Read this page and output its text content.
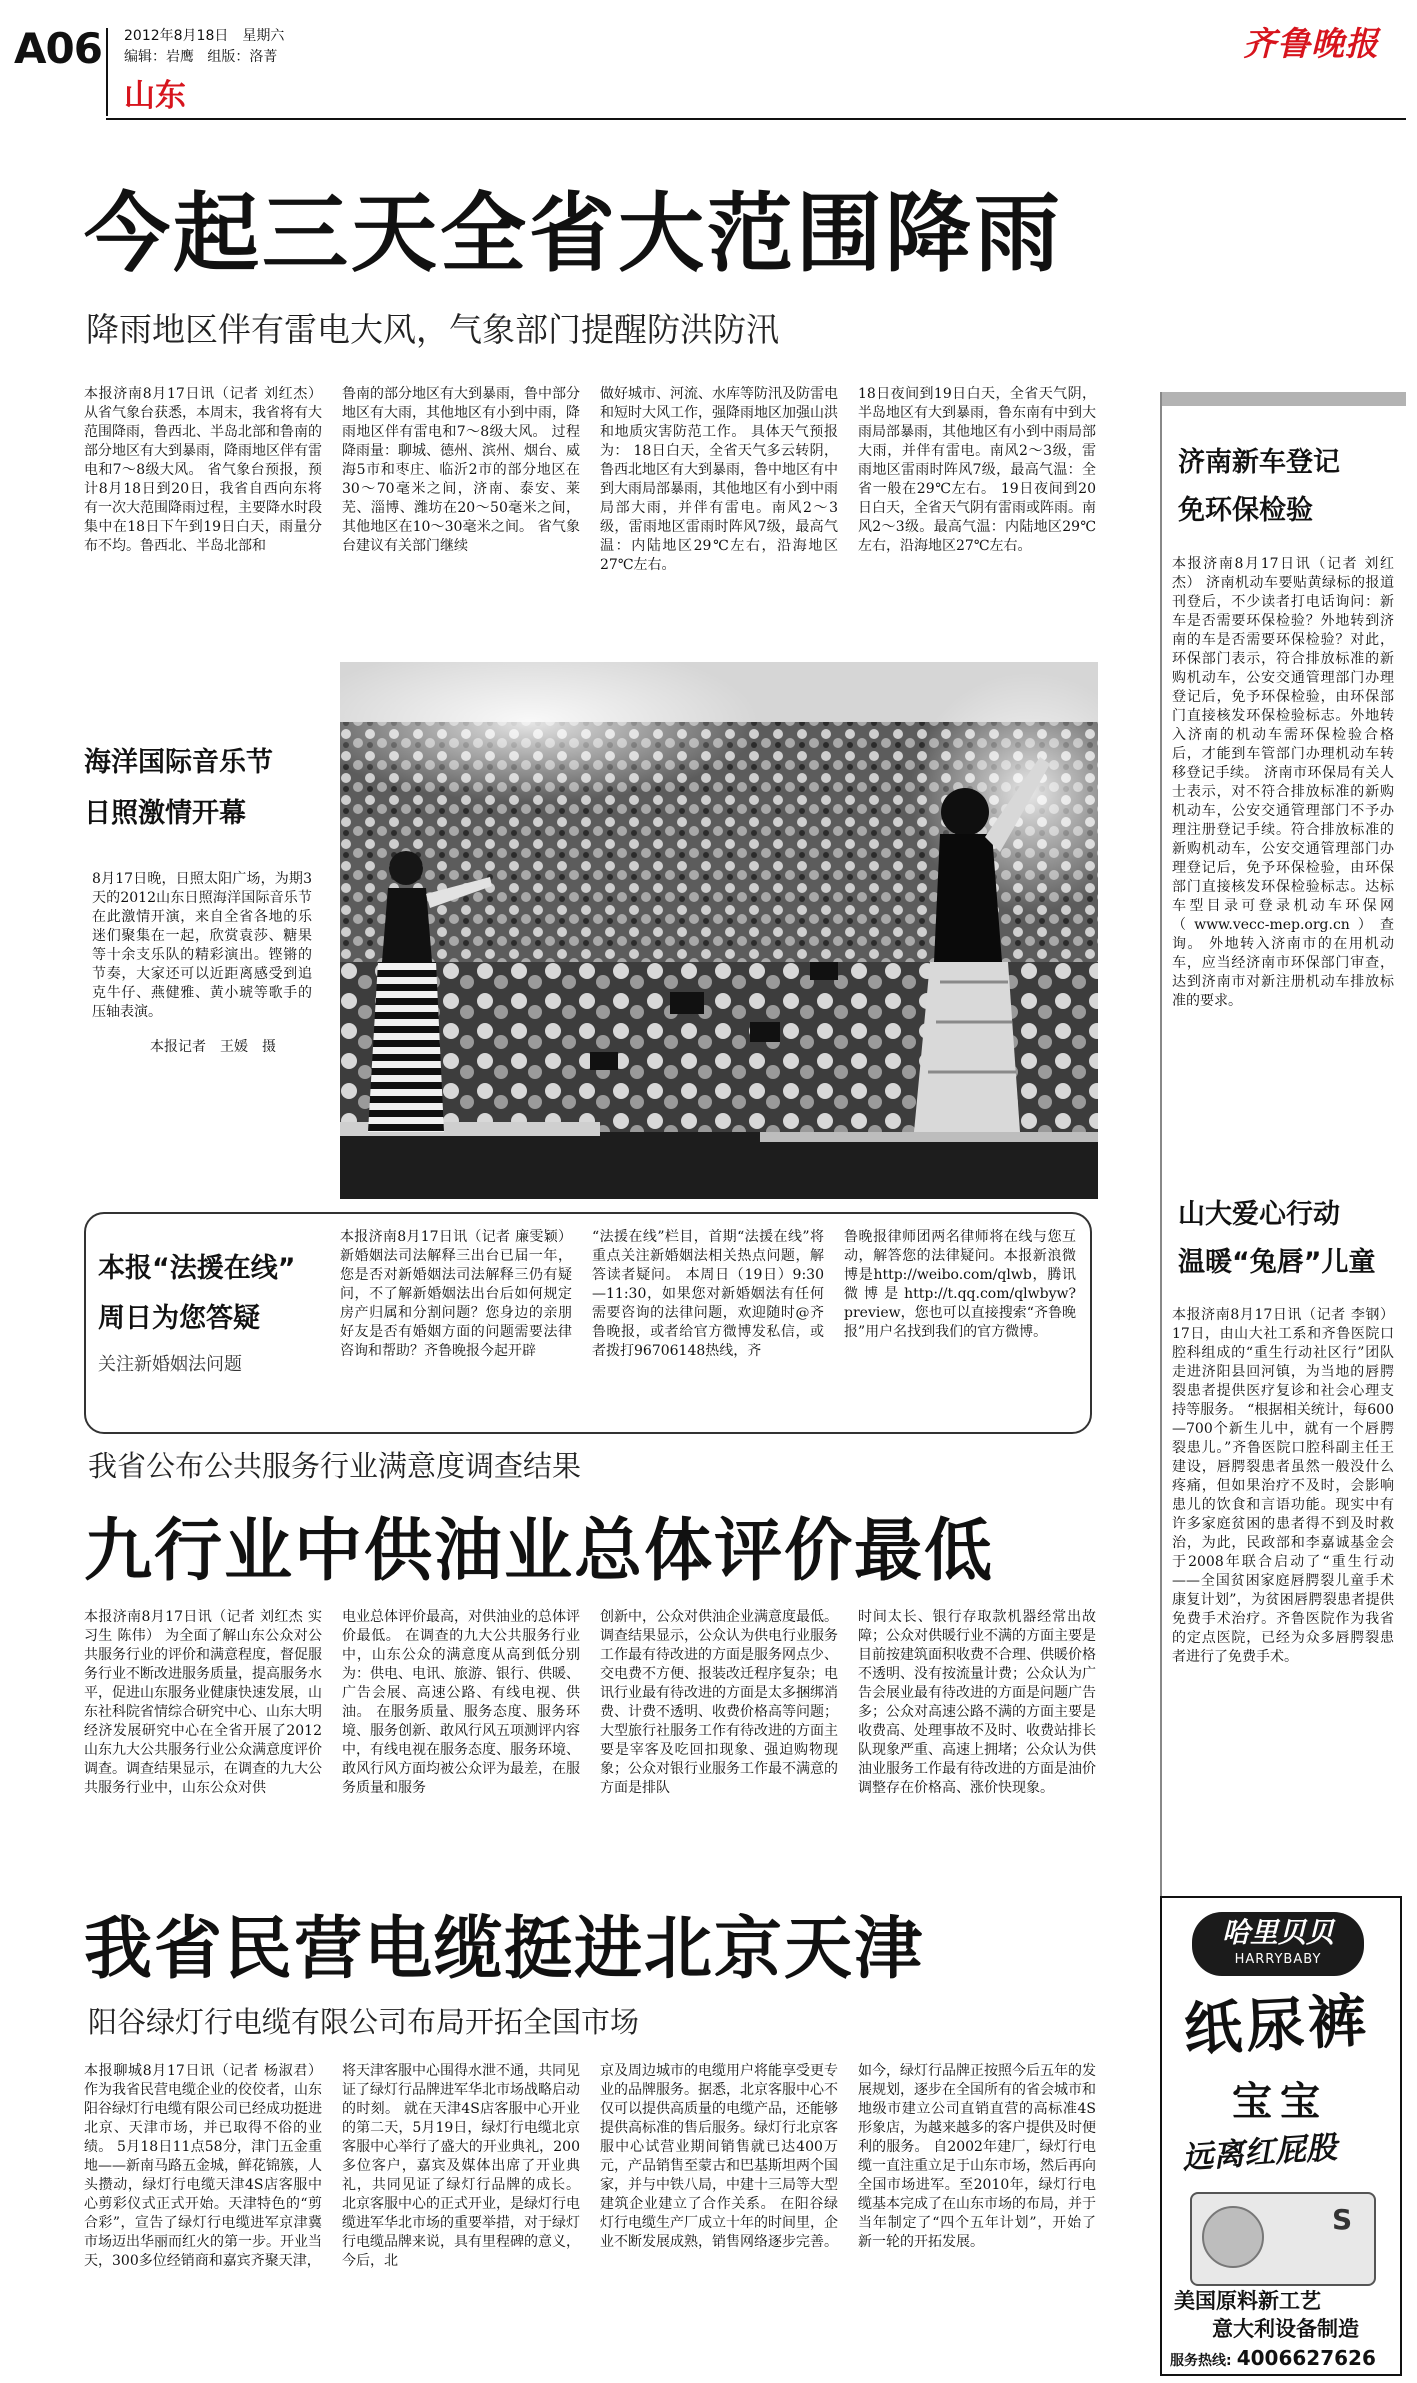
A06 2012年8月18日 星期六
编辑：岩鹰   组版：洛菁
山东
齐鲁晚报
今起三天全省大范围降雨
降雨地区伴有雷电大风，气象部门提醒防洪防汛
本报济南8月17日讯（记者 刘红杰） 从省气象台获悉，本周末，我省将有大范围降雨，鲁西北、半岛北部和鲁南的部分地区有大到暴雨，降雨地区伴有雷电和7～8级大风。 省气象台预报，预计8月18日到20日，我省自西向东将有一次大范围降雨过程，主要降水时段集中在18日下午到19日白天，雨量分布不均。鲁西北、半岛北部和
鲁南的部分地区有大到暴雨，鲁中部分地区有大雨，其他地区有小到中雨，降雨地区伴有雷电和7～8级大风。 过程降雨量：聊城、德州、滨州、烟台、威海5市和枣庄、临沂2市的部分地区在30～70毫米之间，济南、泰安、莱芜、淄博、潍坊在20～50毫米之间，其他地区在10～30毫米之间。 省气象台建议有关部门继续
做好城市、河流、水库等防汛及防雷电和短时大风工作，强降雨地区加强山洪和地质灾害防范工作。 具体天气预报为： 18日白天，全省天气多云转阴，鲁西北地区有大到暴雨，鲁中地区有中到大雨局部暴雨，其他地区有小到中雨局部大雨，并伴有雷电。南风2～3级，雷雨地区雷雨时阵风7级，最高气温：内陆地区29℃左右，沿海地区27℃左右。
18日夜间到19日白天，全省天气阴，半岛地区有大到暴雨，鲁东南有中到大雨局部暴雨，其他地区有小到中雨局部大雨，并伴有雷电。南风2～3级，雷雨地区雷雨时阵风7级，最高气温：全省一般在29℃左右。 19日夜间到20日白天，全省天气阴有雷雨或阵雨。南风2～3级。最高气温：内陆地区29℃左右，沿海地区27℃左右。
海洋国际音乐节
日照激情开幕
8月17日晚，日照太阳广场，为期3天的2012山东日照海洋国际音乐节在此激情开演，来自全省各地的乐迷们聚集在一起，欣赏袁莎、糖果等十余支乐队的精彩演出。铿锵的节奏，大家还可以近距离感受到追克牛仔、燕健雅、黄小琥等歌手的压轴表演。
本报记者　王媛　摄
本报“法援在线”
周日为您答疑
关注新婚姻法问题
本报济南8月17日讯（记者 廉雯颖） 新婚姻法司法解释三出台已届一年，您是否对新婚姻法司法解释三仍有疑问，不了解新婚姻法出台后如何规定房产归属和分割问题？您身边的亲朋好友是否有婚姻方面的问题需要法律咨询和帮助？齐鲁晚报今起开辟
“法援在线”栏目，首期“法援在线”将重点关注新婚姻法相关热点问题，解答读者疑问。 本周日（19日）9:30—11:30，如果您对新婚姻法有任何需要咨询的法律问题，欢迎随时@齐鲁晚报，或者给官方微博发私信，或者拨打96706148热线，齐
鲁晚报律师团两名律师将在线与您互动，解答您的法律疑问。本报新浪微博是http://weibo.com/qlwb，腾讯微博是http://t.qq.com/qlwbyw?preview，您也可以直接搜索“齐鲁晚报”用户名找到我们的官方微博。
我省公布公共服务行业满意度调查结果
九行业中供油业总体评价最低
本报济南8月17日讯（记者 刘红杰 实习生 陈伟） 为全面了解山东公众对公共服务行业的评价和满意程度，督促服务行业不断改进服务质量，提高服务水平，促进山东服务业健康快速发展，山东社科院省情综合研究中心、山东大明经济发展研究中心在全省开展了2012山东九大公共服务行业公众满意度评价调查。调查结果显示，在调查的九大公共服务行业中，山东公众对供
电业总体评价最高，对供油业的总体评价最低。 在调查的九大公共服务行业中，山东公众的满意度从高到低分别为：供电、电讯、旅游、银行、供暖、广告会展、高速公路、有线电视、供油。 在服务质量、服务态度、服务环境、服务创新、敢风行风五项测评内容中，有线电视在服务态度、服务环境、敢风行风方面均被公众评为最差，在服务质量和服务
创新中，公众对供油企业满意度最低。 调查结果显示，公众认为供电行业服务工作最有待改进的方面是服务网点少、交电费不方便、报装改迁程序复杂；电讯行业最有待改进的方面是太多捆绑消费、计费不透明、收费价格高等问题；大型旅行社服务工作有待改进的方面主要是宰客及吃回扣现象、强迫购物现象；公众对银行业服务工作最不满意的方面是排队
时间太长、银行存取款机器经常出故障；公众对供暖行业不满的方面主要是目前按建筑面积收费不合理、供暖价格不透明、没有按流量计费；公众认为广告会展业最有待改进的方面是问题广告多；公众对高速公路不满的方面主要是收费高、处理事故不及时、收费站排长队现象严重、高速上拥堵；公众认为供油业服务工作最有待改进的方面是油价调整存在价格高、涨价快现象。
我省民营电缆挺进北京天津
阳谷绿灯行电缆有限公司布局开拓全国市场
本报聊城8月17日讯（记者 杨淑君） 作为我省民营电缆企业的佼佼者，山东阳谷绿灯行电缆有限公司已经成功挺进北京、天津市场，并已取得不俗的业绩。 5月18日11点58分，津门五金重地——新南马路五金城，鲜花锦簇，人头攒动，绿灯行电缆天津4S店客服中心剪彩仪式正式开始。天津特色的“剪合彩”，宣告了绿灯行电缆进军京津冀市场迈出华丽而红火的第一步。开业当天，300多位经销商和嘉宾齐聚天津，
将天津客服中心围得水泄不通，共同见证了绿灯行品牌进军华北市场战略启动的时刻。 就在天津4S店客服中心开业的第二天，5月19日，绿灯行电缆北京客服中心举行了盛大的开业典礼，200多位客户，嘉宾及媒体出席了开业典礼，共同见证了绿灯行品牌的成长。 北京客服中心的正式开业，是绿灯行电缆进军华北市场的重要举措，对于绿灯行电缆品牌来说，具有里程碑的意义，今后，北
京及周边城市的电缆用户将能享受更专业的品牌服务。据悉，北京客服中心不仅可以提供高质量的电缆产品，还能够提供高标准的售后服务。绿灯行北京客服中心试营业期间销售就已达400万元，产品销售至蒙古和巴基斯坦两个国家，并与中铁八局，中建十三局等大型建筑企业建立了合作关系。 在阳谷绿灯行电缆生产厂成立十年的时间里，企业不断发展成熟，销售网络逐步完善。
如今，绿灯行品牌正按照今后五年的发展规划，逐步在全国所有的省会城市和地级市建立公司直销直营的高标准4S形象店，为越来越多的客户提供及时便利的服务。 自2002年建厂，绿灯行电缆一直注重立足于山东市场，然后再向全国市场进军。至2010年，绿灯行电缆基本完成了在山东市场的布局，并于当年制定了“四个五年计划”，开始了新一轮的开拓发展。
济南新车登记
免环保检验
本报济南8月17日讯（记者 刘红杰） 济南机动车要贴黄绿标的报道刊登后，不少读者打电话询问：新车是否需要环保检验？外地转到济南的车是否需要环保检验？对此，环保部门表示，符合排放标准的新购机动车，公安交通管理部门办理登记后，免予环保检验，由环保部门直接核发环保检验标志。外地转入济南的机动车需环保检验合格后，才能到车管部门办理机动车转移登记手续。 济南市环保局有关人士表示，对不符合排放标准的新购机动车，公安交通管理部门不予办理注册登记手续。符合排放标准的新购机动车，公安交通管理部门办理登记后，免予环保检验，由环保部门直接核发环保检验标志。达标车型目录可登录机动车环保网（www.vecc-mep.org.cn）查询。 外地转入济南市的在用机动车，应当经济南市环保部门审查，达到济南市对新注册机动车排放标准的要求。
山大爱心行动
温暖“兔唇”儿童
本报济南8月17日讯（记者 李钢） 17日，由山大社工系和齐鲁医院口腔科组成的“重生行动社区行”团队走进济阳县回河镇，为当地的唇腭裂患者提供医疗复诊和社会心理支持等服务。 “根据相关统计，每600—700个新生儿中，就有一个唇腭裂患儿。”齐鲁医院口腔科副主任王建设，唇腭裂患者虽然一般没什么疼痛，但如果治疗不及时，会影响患儿的饮食和言语功能。现实中有许多家庭贫困的患者得不到及时救治，为此，民政部和李嘉诚基金会于2008年联合启动了“重生行动——全国贫困家庭唇腭裂儿童手术康复计划”，为贫困唇腭裂患者提供免费手术治疗。齐鲁医院作为我省的定点医院，已经为众多唇腭裂患者进行了免费手术。
哈里贝贝
HARRYBABY
纸尿裤
宝宝
远离红屁股
S
美国原料新工艺
意大利设备制造
服务热线: 4006627626
